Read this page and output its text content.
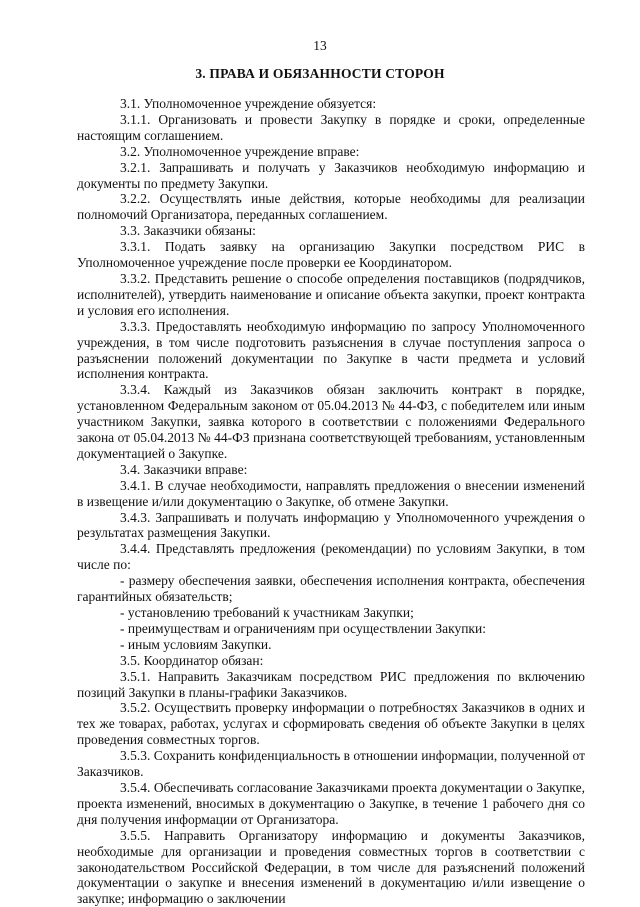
13
3. ПРАВА И ОБЯЗАННОСТИ СТОРОН

3.1. Уполномоченное учреждение обязуется:

3.1.1. Организовать и провести Закупку в порядке и сроки, определенные настоящим соглашением.

3.2. Уполномоченное учреждение вправе:

3.2.1. Запрашивать и получать у Заказчиков необходимую информацию и документы по предмету Закупки.

3.2.2. Осуществлять иные действия, которые необходимы для реализации полномочий Организатора, переданных соглашением.

3.3. Заказчики обязаны:

3.3.1. Подать заявку на организацию Закупки посредством РИС в Уполномоченное учреждение после проверки ее Координатором.

3.3.2. Представить решение о способе определения поставщиков (подрядчиков, исполнителей), утвердить наименование и описание объекта закупки, проект контракта и условия его исполнения.

3.3.3. Предоставлять необходимую информацию по запросу Уполномоченного учреждения, в том числе подготовить разъяснения в случае поступления запроса о разъяснении положений документации по Закупке в части предмета и условий исполнения контракта.

3.3.4. Каждый из Заказчиков обязан заключить контракт в порядке, установленном Федеральным законом от 05.04.2013 № 44-ФЗ, с победителем или иным участником Закупки, заявка которого в соответствии с положениями Федерального закона от 05.04.2013 № 44-ФЗ признана соответствующей требованиям, установленным документацией о Закупке.

3.4. Заказчики вправе:

3.4.1. В случае необходимости, направлять предложения о внесении изменений в извещение и/или документацию о Закупке, об отмене Закупки.

3.4.3. Запрашивать и получать информацию у Уполномоченного учреждения о результатах размещения Закупки.

3.4.4. Представлять предложения (рекомендации) по условиям Закупки, в том числе по:

- размеру обеспечения заявки, обеспечения исполнения контракта, обеспечения гарантийных обязательств;

- установлению требований к участникам Закупки;

- преимуществам и ограничениям при осуществлении Закупки:

- иным условиям Закупки.

3.5. Координатор обязан:

3.5.1. Направить Заказчикам посредством РИС предложения по включению позиций Закупки в планы-графики Заказчиков.

3.5.2. Осуществить проверку информации о потребностях Заказчиков в одних и тех же товарах, работах, услугах и сформировать сведения об объекте Закупки в целях проведения совместных торгов.

3.5.3. Сохранить конфиденциальность в отношении информации, полученной от Заказчиков.

3.5.4. Обеспечивать согласование Заказчиками проекта документации о Закупке, проекта изменений, вносимых в документацию о Закупке, в течение 1 рабочего дня со дня получения информации от Организатора.

3.5.5. Направить Организатору информацию и документы Заказчиков, необходимые для организации и проведения совместных торгов в соответствии с законодательством Российской Федерации, в том числе для разъяснений положений документации о закупке и внесения изменений в документацию и/или извещение о закупке; информацию о заключении
